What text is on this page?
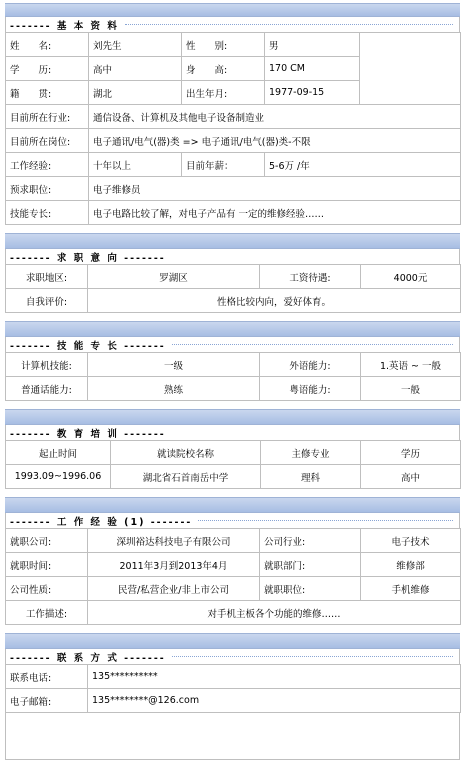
------- 基 本 资 料
姓　　名:	刘先生	性　　别:	男	
学　　历:	高中	身　　高:	170 CM	
籍　　贯:	湖北	出生年月:	1977-09-15	
目前所在行业:	通信设备、计算机及其他电子设备制造业			
目前所在岗位:	电子通讯/电气(器)类 => 电子通讯/电气(器)类-不限			
工作经验:	十年以上	目前年薪：	5-6万 /年	
预求职位:	电子维修员			
技能专长:	电子电路比较了解，对电子产品有 一定的维修经验……			
------- 求 职 意 向 -------
求职地区:	罗湖区	工资待遇:	4000元
自我评价:	性格比较内向，爱好体育。		
------- 技 能 专 长 -------
计算机技能:	一级	外语能力:	1.英语 ~ 一般
普通话能力:	熟练	粤语能力:	一般
------- 教 育 培 训 -------
起止时间	就读院校名称	主修专业	学历
1993.09~1996.06	湖北省石首南岳中学	理科	高中
------- 工 作 经 验 (1) -------
就职公司:	深圳裕达科技电子有限公司	公司行业:	电子技术
就职时间:	2011年3月到2013年4月	就职部门:	维修部
公司性质:	民营/私营企业/非上市公司	就职职位:	手机维修
工作描述:	对手机主板各个功能的维修……		
------- 联 系 方 式 -------
联系电话:	135**********
电子邮箱:	135********@126.com
